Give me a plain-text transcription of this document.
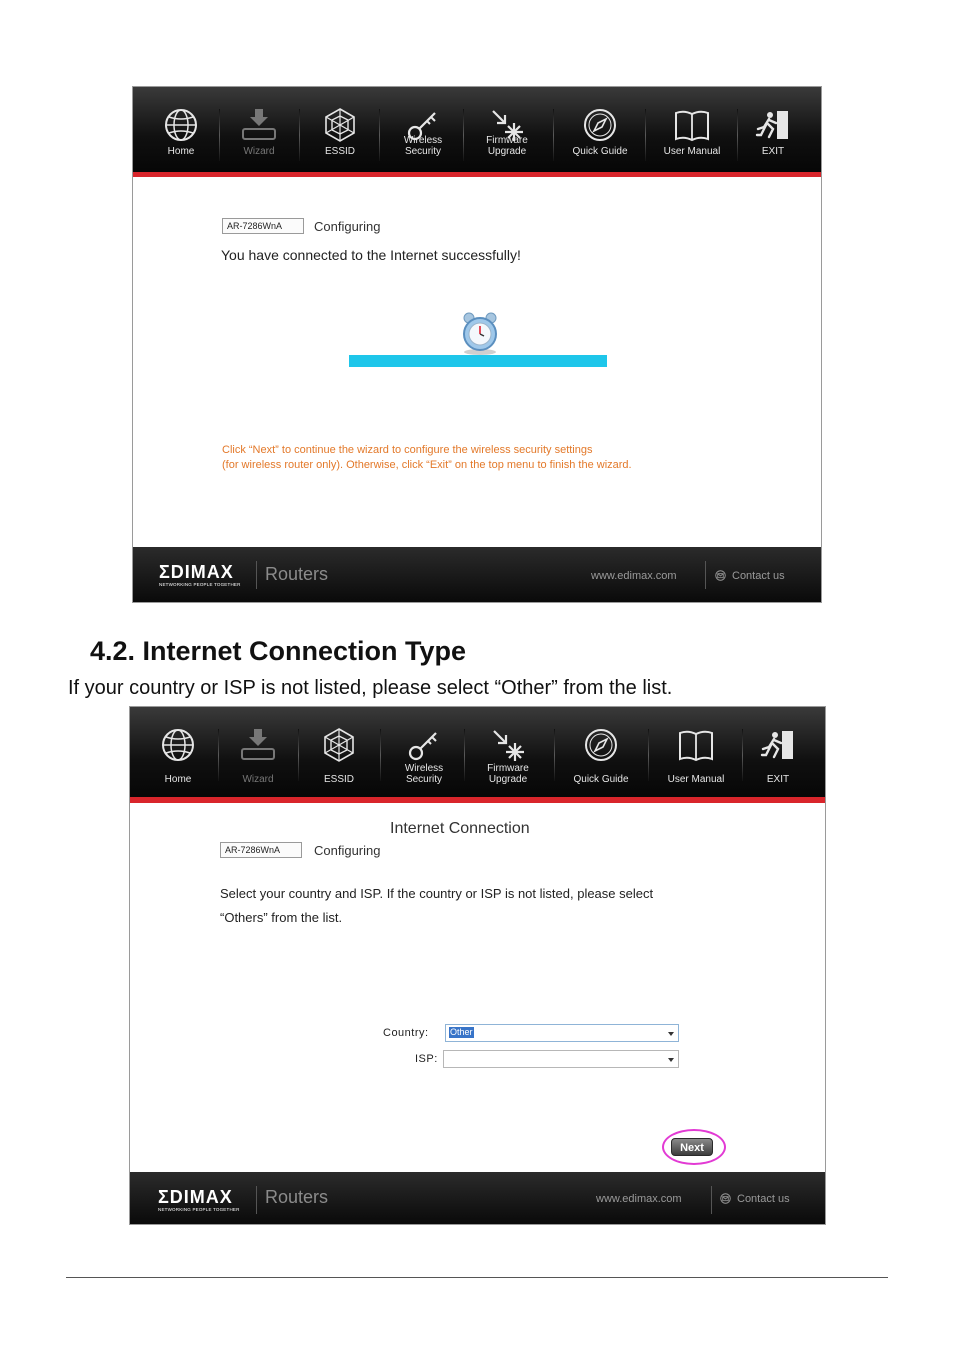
Home	Wizard	ESSID
Wireless
Security
Firmware
Upgrade	Quick Guide	User Manual	EXIT
AR-7286WnA	Configuring
You have connected to the Internet successfully!
Click “Next” to continue the wizard to configure the wireless security settings
(for wireless router only). Otherwise, click “Exit” on the top menu to finish the wizard.
ΣDIMAX
NETWORKING PEOPLE TOGETHER
Routers	www.edimax.com	Contact us
4.2. Internet Connection Type
If your country or ISP is not listed, please select “Other” from the list.
Home	Wizard	ESSID
Wireless
Security
Firmware
Upgrade	Quick Guide	User Manual	EXIT
Internet Connection
AR-7286WnA	Configuring
Select your country and ISP. If the country or ISP is not listed, please select
“Others” from the list.
Country: Other
ISP:
Next
ΣDIMAX
NETWORKING PEOPLE TOGETHER
Routers	www.edimax.com	Contact us
